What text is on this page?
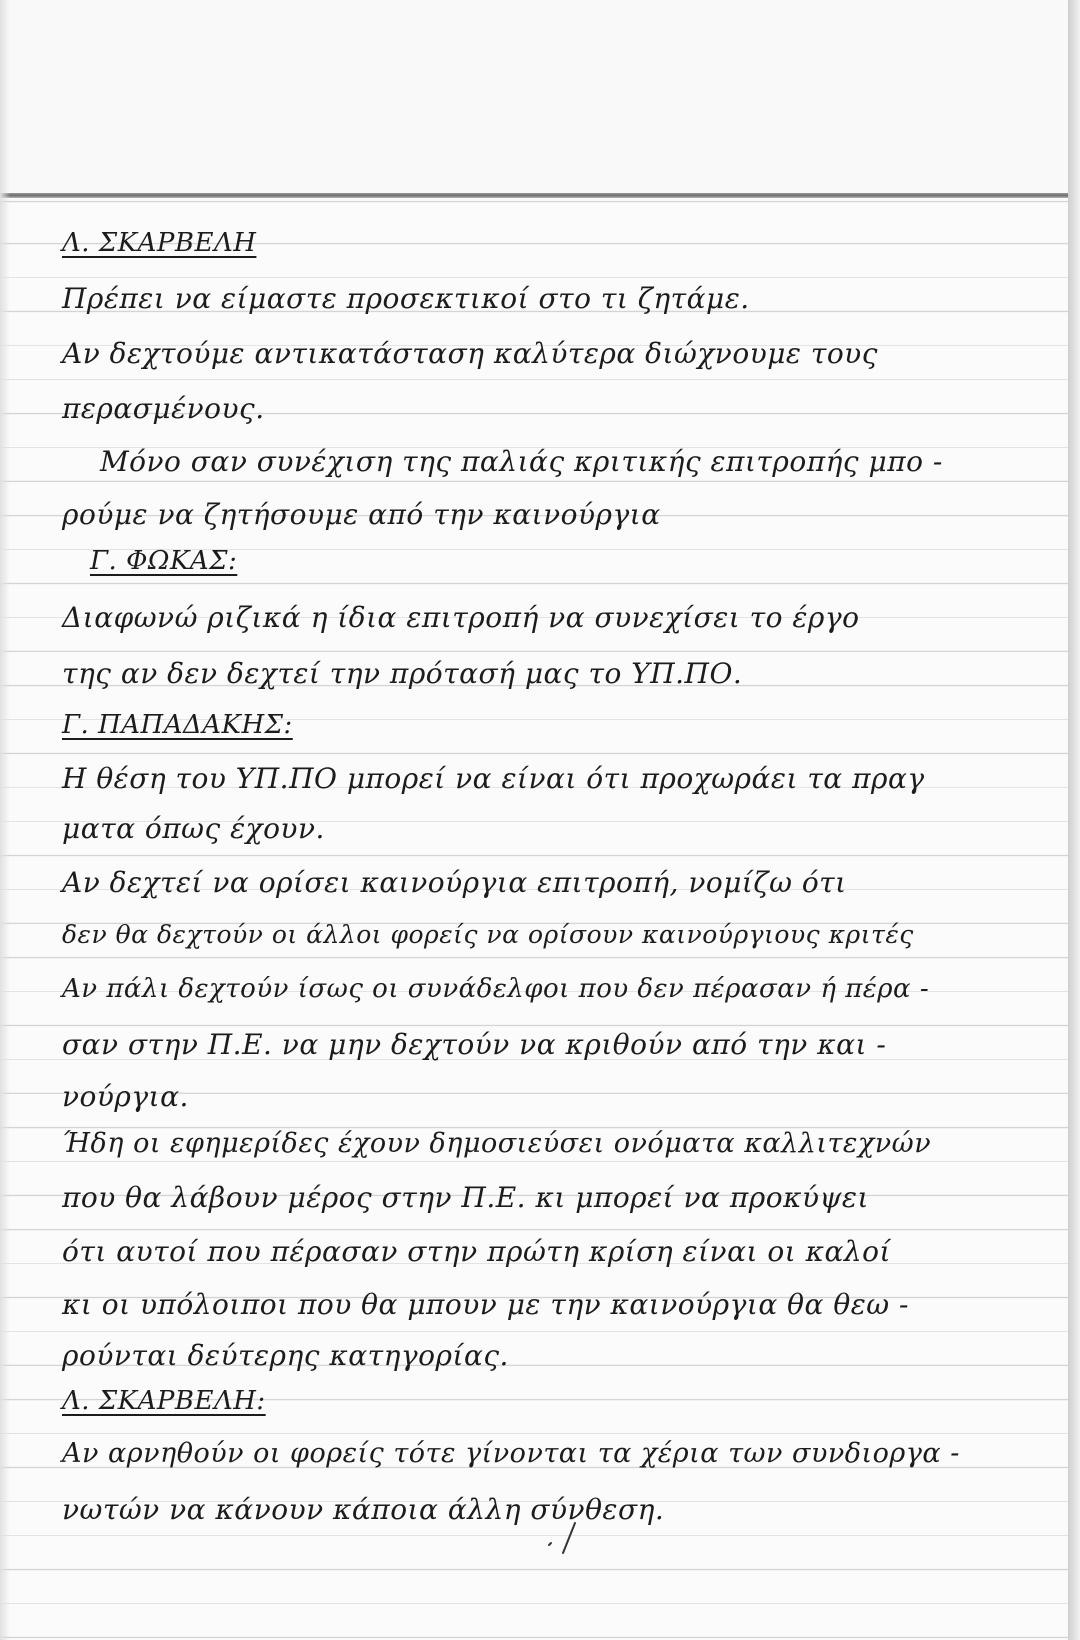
Λ. ΣΚΑΡΒΕΛΗ
Πρέπει να είμαστε προσεκτικοί στο τι ζητάμε.
Αν δεχτούμε αντικατάσταση καλύτερα διώχνουμε τους
περασμένους.
Μόνο σαν συνέχιση της παλιάς κριτικής επιτροπής μπο -
ρούμε να ζητήσουμε από την καινούργια
Γ. ΦΩΚΑΣ:
Διαφωνώ ριζικά η ίδια επιτροπή να συνεχίσει το έργο
της αν δεν δεχτεί την πρότασή μας το ΥΠ.ΠΟ.
Γ. ΠΑΠΑΔΑΚΗΣ:
Η θέση του ΥΠ.ΠΟ μπορεί να είναι ότι προχωράει τα πραγ
ματα όπως έχουν.
Αν δεχτεί να ορίσει καινούργια επιτροπή, νομίζω ότι
δεν θα δεχτούν οι άλλοι φορείς να ορίσουν καινούργιους κριτές
Αν πάλι δεχτούν ίσως οι συνάδελφοι που δεν πέρασαν ή πέρα -
σαν στην Π.Ε. να μην δεχτούν να κριθούν από την και -
νούργια.
Ήδη οι εφημερίδες έχουν δημοσιεύσει ονόματα καλλιτεχνών
που θα λάβουν μέρος στην Π.Ε. κι μπορεί να προκύψει
ότι αυτοί που πέρασαν στην πρώτη κρίση είναι οι καλοί
κι οι υπόλοιποι που θα μπουν με την καινούργια θα θεω -
ρούνται δεύτερης κατηγορίας.
Λ. ΣΚΑΡΒΕΛΗ:
Αν αρνηθούν οι φορείς τότε γίνονται τα χέρια των συνδιοργα -
νωτών να κάνουν κάποια άλλη σύνθεση.
